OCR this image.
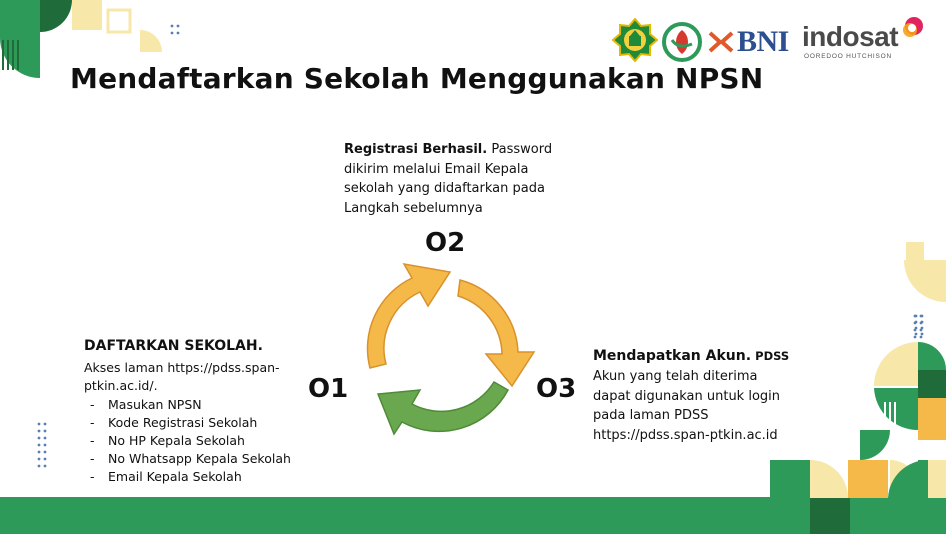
BNI indosat
OOREDOO HUTCHISON
Mendaftarkan Sekolah Menggunakan NPSN
O2
O1	O3
Registrasi Berhasil. Password dikirim melalui Email Kepala sekolah yang didaftarkan pada Langkah sebelumnya
DAFTARKAN SEKOLAH.
Akses laman https://pdss.span-ptkin.ac.id/.
- Masukan NPSN
- Kode Registrasi Sekolah
- No HP Kepala Sekolah
- No Whatsapp Kepala Sekolah
- Email Kepala Sekolah
Mendapatkan Akun. PDSS
Akun yang telah diterima dapat digunakan untuk login pada laman PDSS https://pdss.span-ptkin.ac.id
